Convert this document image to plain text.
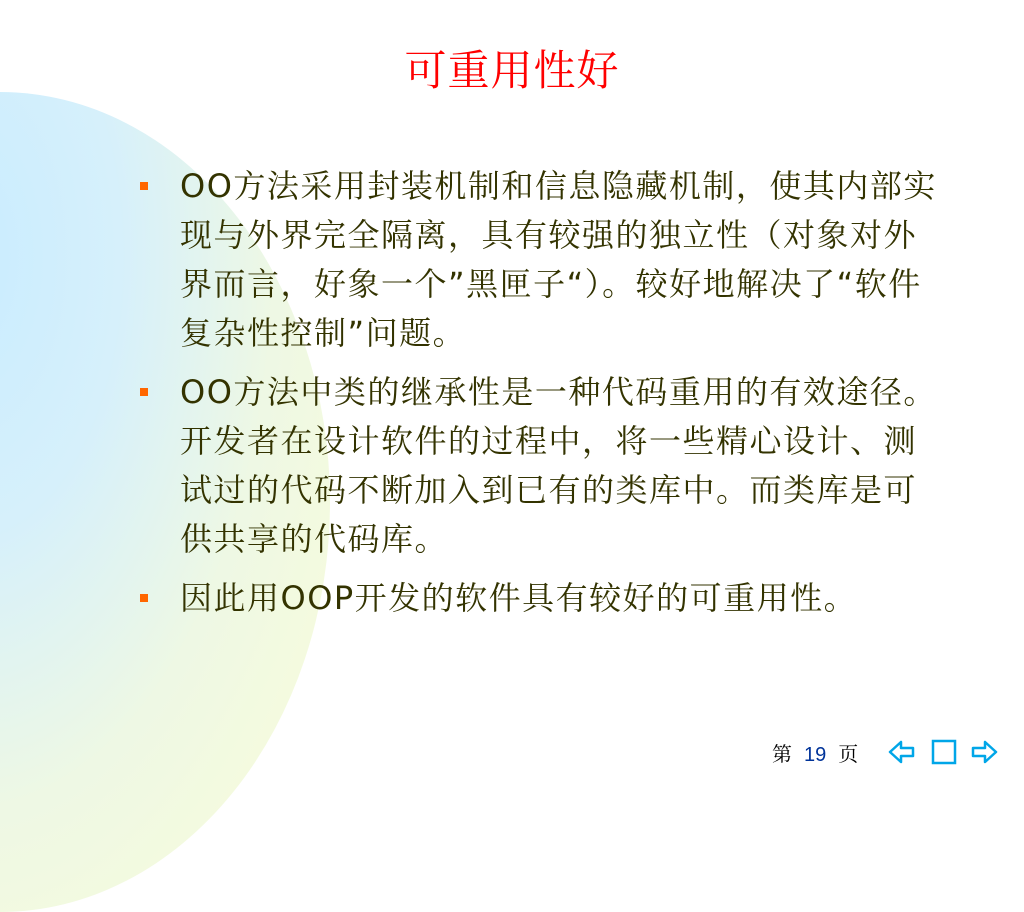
可重用性好
OO方法采用封装机制和信息隐藏机制，使其内部实现与外界完全隔离，具有较强的独立性（对象对外界而言，好象一个”黑匣子“）。较好地解决了“软件复杂性控制”问题。
OO方法中类的继承性是一种代码重用的有效途径。开发者在设计软件的过程中，将一些精心设计、测试过的代码不断加入到已有的类库中。而类库是可供共享的代码库。
因此用OOP开发的软件具有较好的可重用性。
第 19 页
